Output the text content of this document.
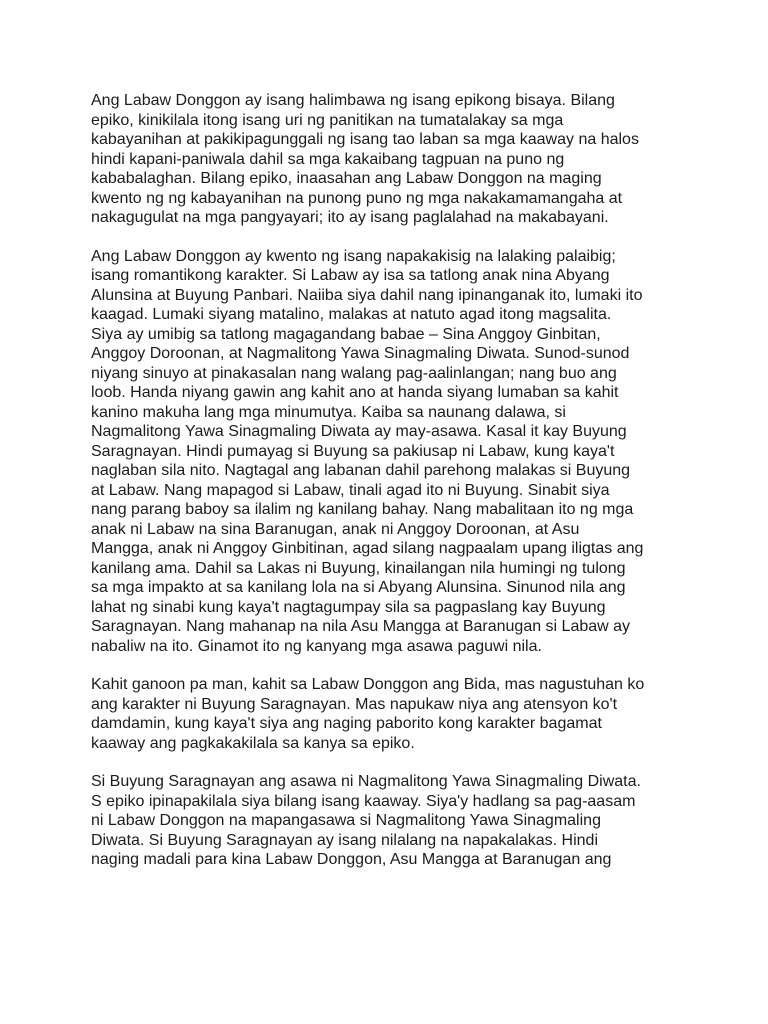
Ang Labaw Donggon ay isang halimbawa ng isang epikong bisaya. Bilang
epiko, kinikilala itong isang uri ng panitikan na tumatalakay sa mga
kabayanihan at pakikipagunggali ng isang tao laban sa mga kaaway na halos
hindi kapani-paniwala dahil sa mga kakaibang tagpuan na puno ng
kababalaghan. Bilang epiko, inaasahan ang Labaw Donggon na maging
kwento ng ng kabayanihan na punong puno ng mga nakakamamangaha at
nakagugulat na mga pangyayari; ito ay isang paglalahad na makabayani.

Ang Labaw Donggon ay kwento ng isang napakakisig na lalaking palaibig;
isang romantikong karakter. Si Labaw ay isa sa tatlong anak nina Abyang
Alunsina at Buyung Panbari. Naiiba siya dahil nang ipinanganak ito, lumaki ito
kaagad. Lumaki siyang matalino, malakas at natuto agad itong magsalita.
Siya ay umibig sa tatlong magagandang babae – Sina Anggoy Ginbitan,
Anggoy Doroonan, at Nagmalitong Yawa Sinagmaling Diwata. Sunod-sunod
niyang sinuyo at pinakasalan nang walang pag-aalinlangan; nang buo ang
loob. Handa niyang gawin ang kahit ano at handa siyang lumaban sa kahit
kanino makuha lang mga minumutya. Kaiba sa naunang dalawa, si
Nagmalitong Yawa Sinagmaling Diwata ay may-asawa. Kasal it kay Buyung
Saragnayan. Hindi pumayag si Buyung sa pakiusap ni Labaw, kung kaya't
naglaban sila nito. Nagtagal ang labanan dahil parehong malakas si Buyung
at Labaw. Nang mapagod si Labaw, tinali agad ito ni Buyung. Sinabit siya
nang parang baboy sa ilalim ng kanilang bahay. Nang mabalitaan ito ng mga
anak ni Labaw na sina Baranugan, anak ni Anggoy Doroonan, at Asu
Mangga, anak ni Anggoy Ginbitinan, agad silang nagpaalam upang iligtas ang
kanilang ama. Dahil sa Lakas ni Buyung, kinailangan nila humingi ng tulong
sa mga impakto at sa kanilang lola na si Abyang Alunsina. Sinunod nila ang
lahat ng sinabi kung kaya't nagtagumpay sila sa pagpaslang kay Buyung
Saragnayan. Nang mahanap na nila Asu Mangga at Baranugan si Labaw ay
nabaliw na ito. Ginamot ito ng kanyang mga asawa paguwi nila.

Kahit ganoon pa man, kahit sa Labaw Donggon ang Bida, mas nagustuhan ko
ang karakter ni Buyung Saragnayan. Mas napukaw niya ang atensyon ko't
damdamin, kung kaya't siya ang naging paborito kong karakter bagamat
kaaway ang pagkakakilala sa kanya sa epiko.

Si Buyung Saragnayan ang asawa ni Nagmalitong Yawa Sinagmaling Diwata.
S epiko ipinapakilala siya bilang isang kaaway. Siya'y hadlang sa pag-aasam
ni Labaw Donggon na mapangasawa si Nagmalitong Yawa Sinagmaling
Diwata. Si Buyung Saragnayan ay isang nilalang na napakalakas. Hindi
naging madali para kina Labaw Donggon, Asu Mangga at Baranugan ang
